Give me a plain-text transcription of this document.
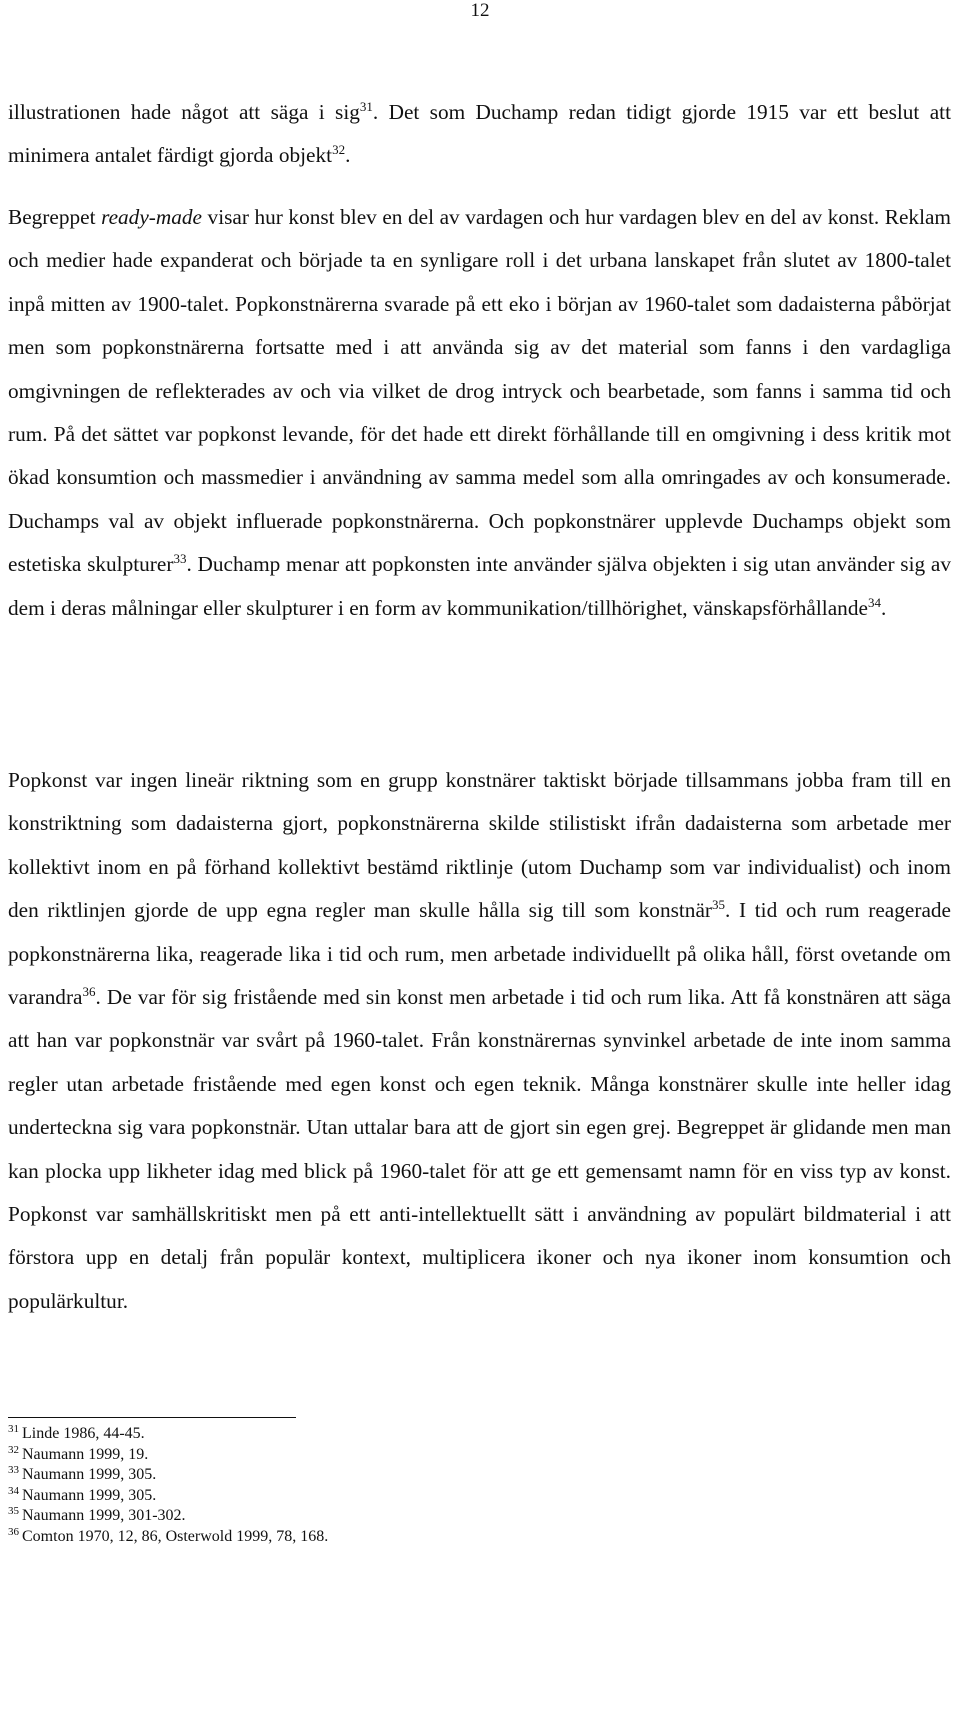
12

illustrationen hade något att säga i sig$^{31}$. Det som Duchamp redan tidigt gjorde 1915 var ett beslut att minimera antalet färdigt gjorda objekt$^{32}$.

Begreppet ready-made visar hur konst blev en del av vardagen och hur vardagen blev en del av konst. Reklam och medier hade expanderat och började ta en synligare roll i det urbana lanskapet från slutet av 1800-talet inpå mitten av 1900-talet. Popkonstnärerna svarade på ett eko i början av 1960-talet som dadaisterna påbörjat men som popkonstnärerna fortsatte med i att använda sig av det material som fanns i den vardagliga omgivningen de reflekterades av och via vilket de drog intryck och bearbetade, som fanns i samma tid och rum. På det sättet var popkonst levande, för det hade ett direkt förhållande till en omgivning i dess kritik mot ökad konsumtion och massmedier i användning av samma medel som alla omringades av och konsumerade. Duchamps val av objekt influerade popkonstnärerna. Och popkonstnärer upplevde Duchamps objekt som estetiska skulpturer$^{33}$. Duchamp menar att popkonsten inte använder själva objekten i sig utan använder sig av dem i deras målningar eller skulpturer i en form av kommunikation/tillhörighet, vänskapsförhållande$^{34}$.

Popkonst var ingen lineär riktning som en grupp konstnärer taktiskt började tillsammans jobba fram till en konstriktning som dadaisterna gjort, popkonstnärerna skilde stilistiskt ifrån dadaisterna som arbetade mer kollektivt inom en på förhand kollektivt bestämd riktlinje (utom Duchamp som var individualist) och inom den riktlinjen gjorde de upp egna regler man skulle hålla sig till som konstnär$^{35}$. I tid och rum reagerade popkonstnärerna lika, reagerade lika i tid och rum, men arbetade individuellt på olika håll, först ovetande om varandra$^{36}$. De var för sig fristående med sin konst men arbetade i tid och rum lika. Att få konstnären att säga att han var popkonstnär var svårt på 1960-talet. Från konstnärernas synvinkel arbetade de inte inom samma regler utan arbetade fristående med egen konst och egen teknik. Många konstnärer skulle inte heller idag underteckna sig vara popkonstnär. Utan uttalar bara att de gjort sin egen grej. Begreppet är glidande men man kan plocka upp likheter idag med blick på 1960-talet för att ge ett gemensamt namn för en viss typ av konst. Popkonst var samhällskritiskt men på ett anti-intellektuellt sätt i användning av populärt bildmaterial i att förstora upp en detalj från populär kontext, multiplicera ikoner och nya ikoner inom konsumtion och populärkultur.

$^{31}$ Linde 1986, 44-45.
$^{32}$ Naumann 1999, 19.
$^{33}$ Naumann 1999, 305.
$^{34}$ Naumann 1999, 305.
$^{35}$ Naumann 1999, 301-302.
$^{36}$ Comton 1970, 12, 86, Osterwold 1999, 78, 168.
